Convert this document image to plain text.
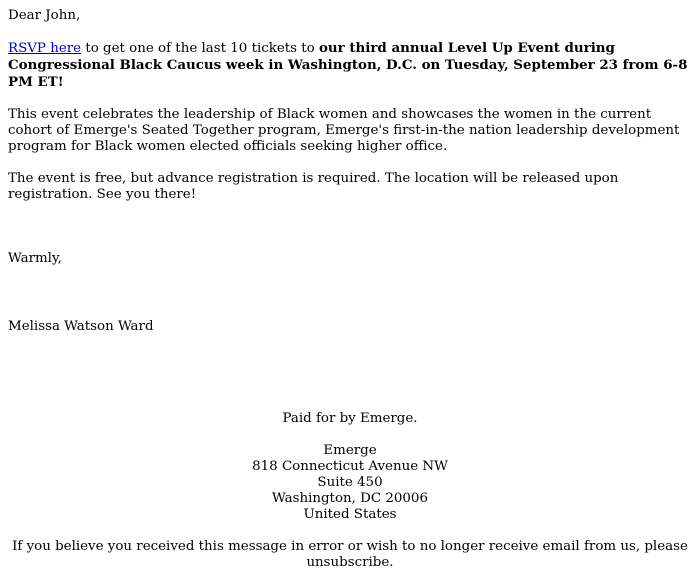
Dear John,

RSVP here to get one of the last 10 tickets to our third annual Level Up Event during Congressional Black Caucus week in Washington, D.C. on Tuesday, September 23 from 6-8 PM ET!

This event celebrates the leadership of Black women and showcases the women in the current cohort of Emerge's Seated Together program, Emerge's first-in-the nation leadership development program for Black women elected officials seeking higher office.

The event is free, but advance registration is required. The location will be released upon registration. See you there!

Warmly,

Melissa Watson Ward

Paid for by Emerge.

Emerge
818 Connecticut Avenue NW
Suite 450
Washington, DC 20006
United States

If you believe you received this message in error or wish to no longer receive email from us, please unsubscribe.
